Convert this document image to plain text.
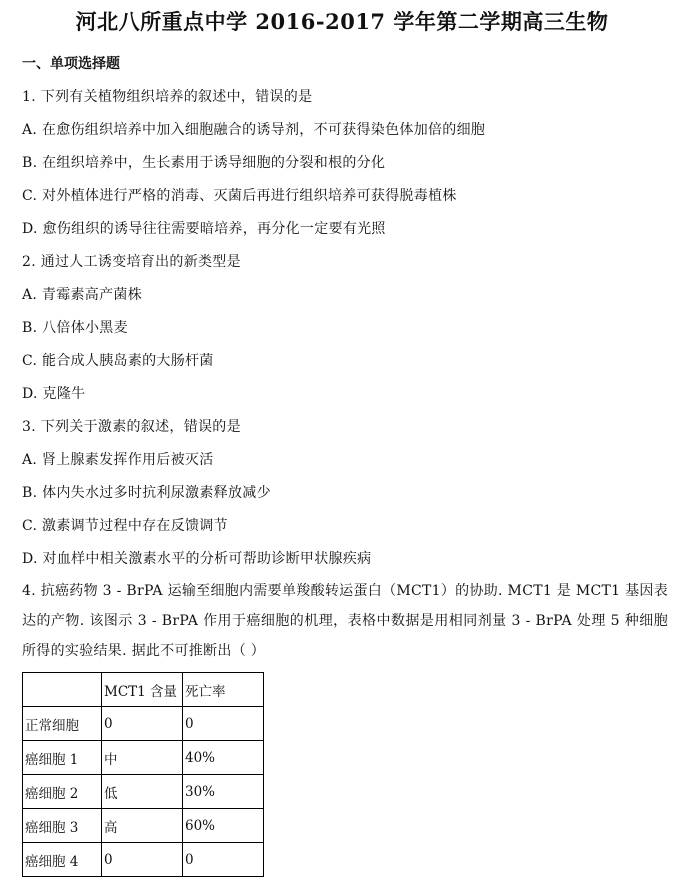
河北八所重点中学 2016-2017 学年第二学期高三生物
一、单项选择题
1. 下列有关植物组织培养的叙述中，错误的是
A. 在愈伤组织培养中加入细胞融合的诱导剂，不可获得染色体加倍的细胞
B. 在组织培养中，生长素用于诱导细胞的分裂和根的分化
C. 对外植体进行严格的消毒、灭菌后再进行组织培养可获得脱毒植株
D. 愈伤组织的诱导往往需要暗培养，再分化一定要有光照
2. 通过人工诱变培育出的新类型是
A. 青霉素高产菌株
B. 八倍体小黑麦
C. 能合成人胰岛素的大肠杆菌
D. 克隆牛
3. 下列关于激素的叙述，错误的是
A. 肾上腺素发挥作用后被灭活
B. 体内失水过多时抗利尿激素释放减少
C. 激素调节过程中存在反馈调节
D. 对血样中相关激素水平的分析可帮助诊断甲状腺疾病
4. 抗癌药物 3 - BrPA 运输至细胞内需要单羧酸转运蛋白（MCT1）的协助. MCT1 是 MCT1 基因表达的产物. 该图示 3 - BrPA 作用于癌细胞的机理，表格中数据是用相同剂量 3 - BrPA 处理 5 种细胞所得的实验结果. 据此不可推断出（ ）
	MCT1 含量	死亡率
正常细胞	0	0
癌细胞 1	中	40%
癌细胞 2	低	30%
癌细胞 3	高	60%
癌细胞 4	0	0
